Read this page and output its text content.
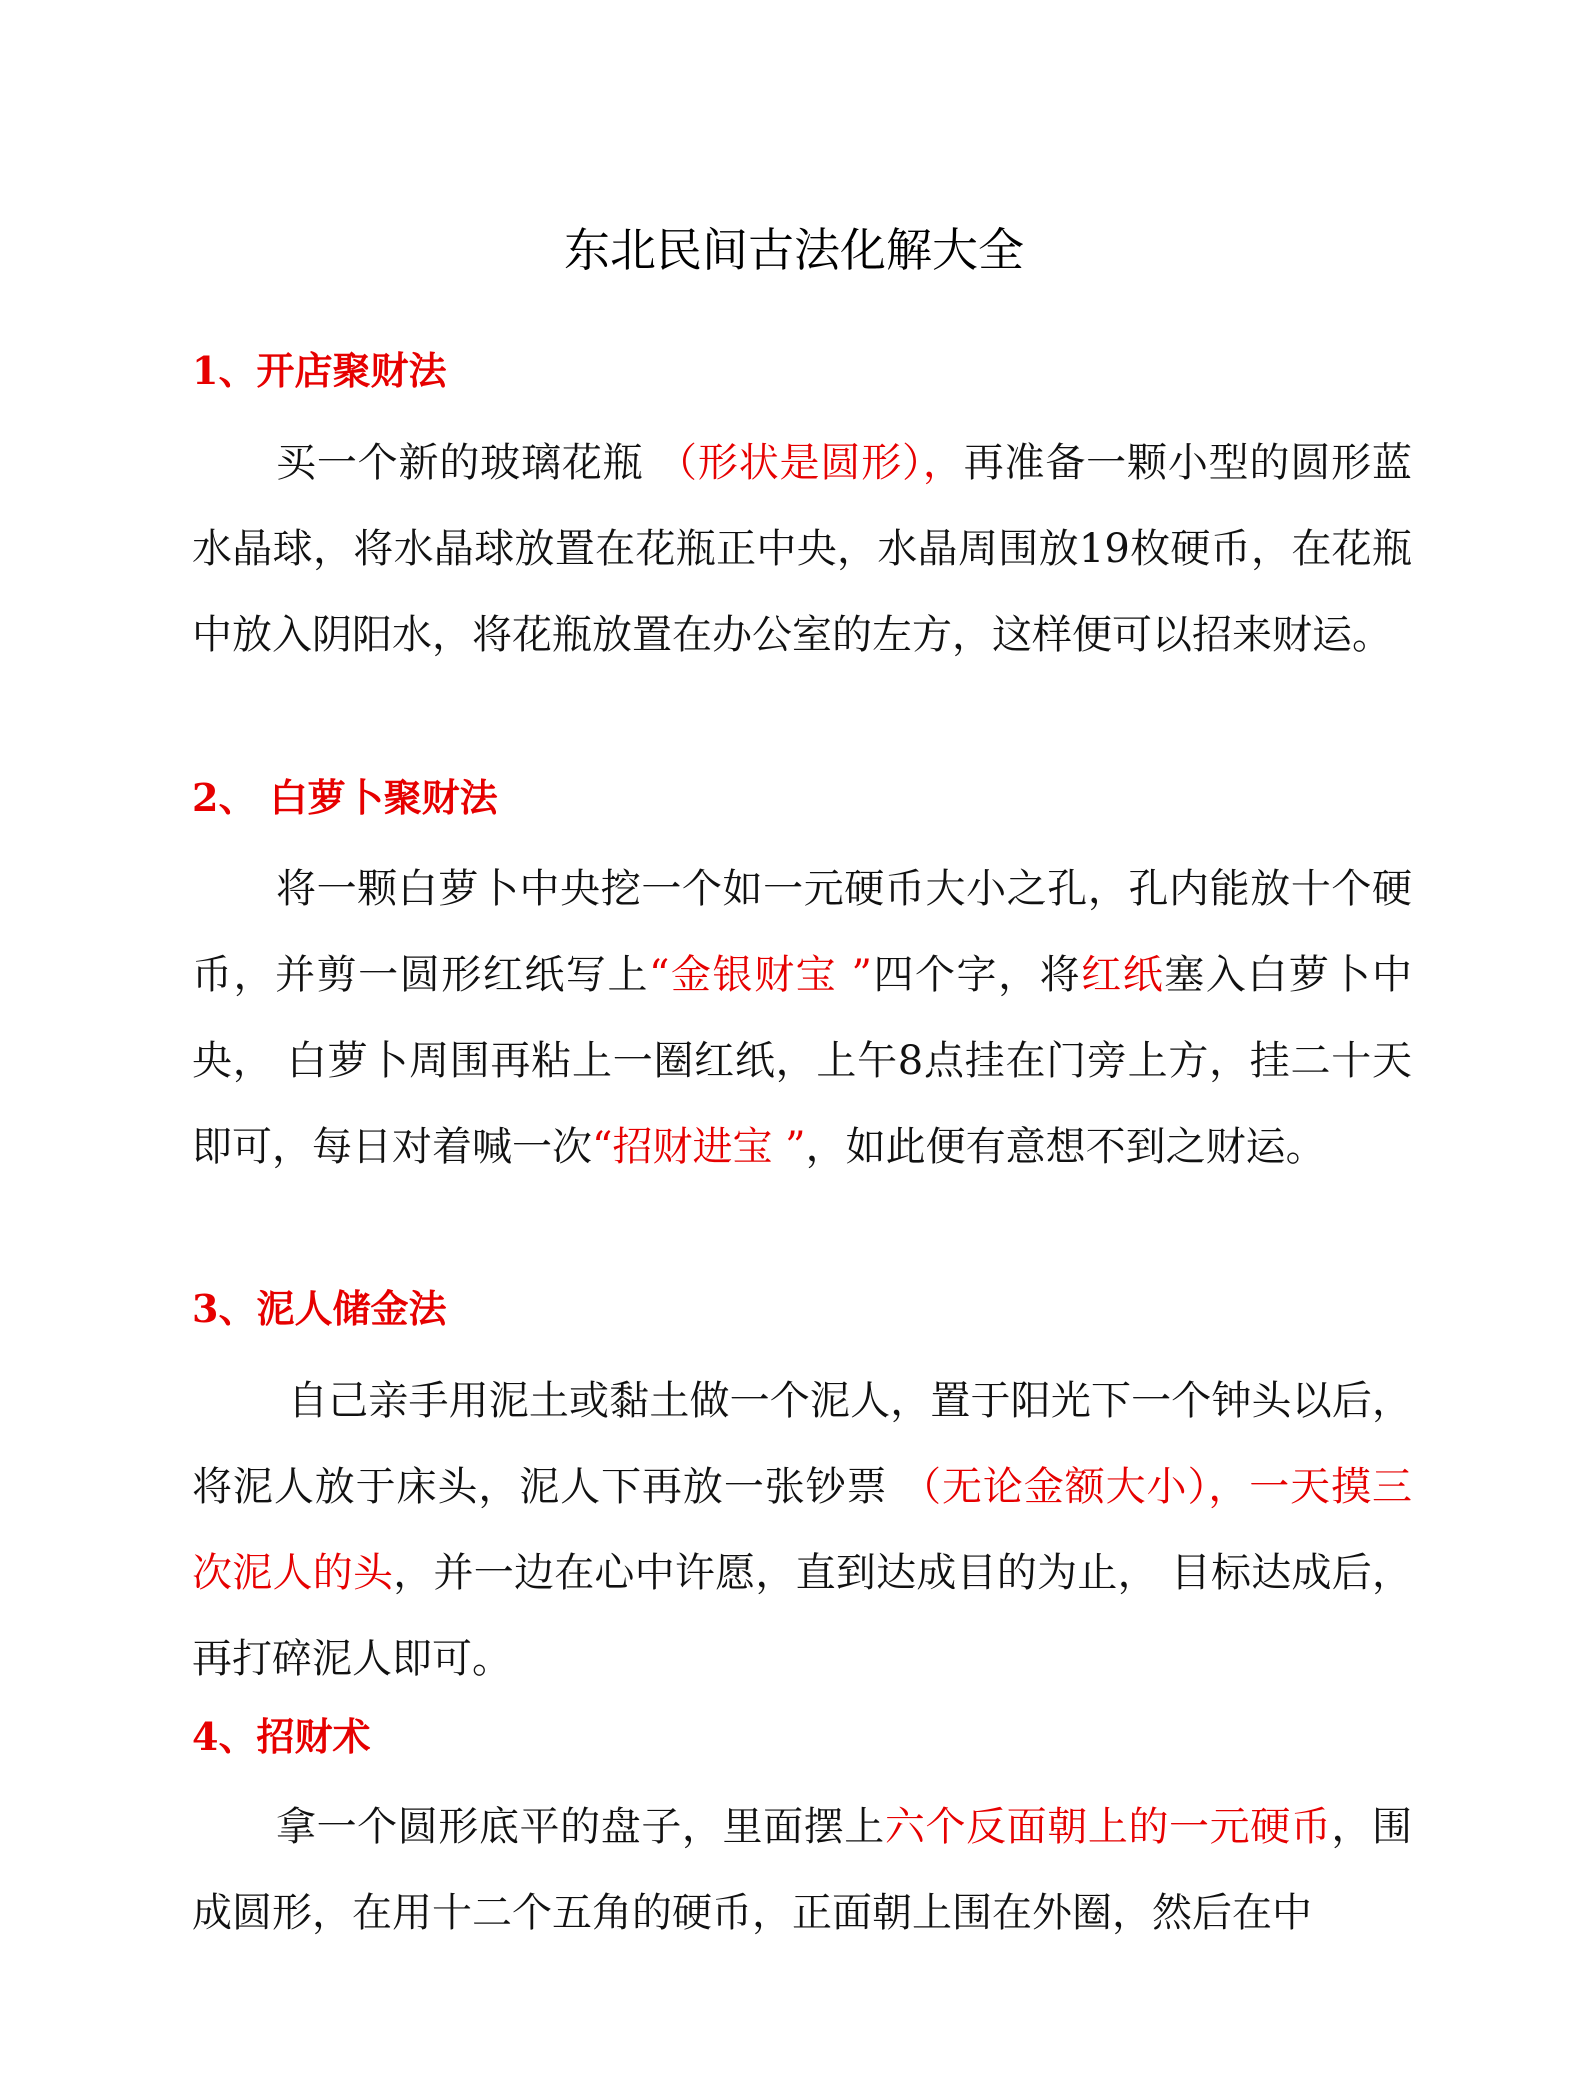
东北民间古法化解大全
1、开店聚财法

买一个新的玻璃花瓶 （形状是圆形），再准备一颗小型的圆形蓝水晶球，将水晶球放置在花瓶正中央，水晶周围放19枚硬币，在花瓶中放入阴阳水，将花瓶放置在办公室的左方，这样便可以招来财运。

2、 白萝卜聚财法

将一颗白萝卜中央挖一个如一元硬币大小之孔，孔内能放十个硬币，并剪一圆形红纸写上“金银财宝 ”四个字，将红纸塞入白萝卜中央， 白萝卜周围再粘上一圈红纸，上午8点挂在门旁上方，挂二十天即可，每日对着喊一次“招财进宝 ”，如此便有意想不到之财运。

3、泥人储金法

自己亲手用泥土或黏土做一个泥人，置于阳光下一个钟头以后，将泥人放于床头，泥人下再放一张钞票 （无论金额大小），一天摸三次泥人的头，并一边在心中许愿，直到达成目的为止， 目标达成后，再打碎泥人即可。

4、招财术

拿一个圆形底平的盘子，里面摆上六个反面朝上的一元硬币，围成圆形，在用十二个五角的硬币，正面朝上围在外圈，然后在中
